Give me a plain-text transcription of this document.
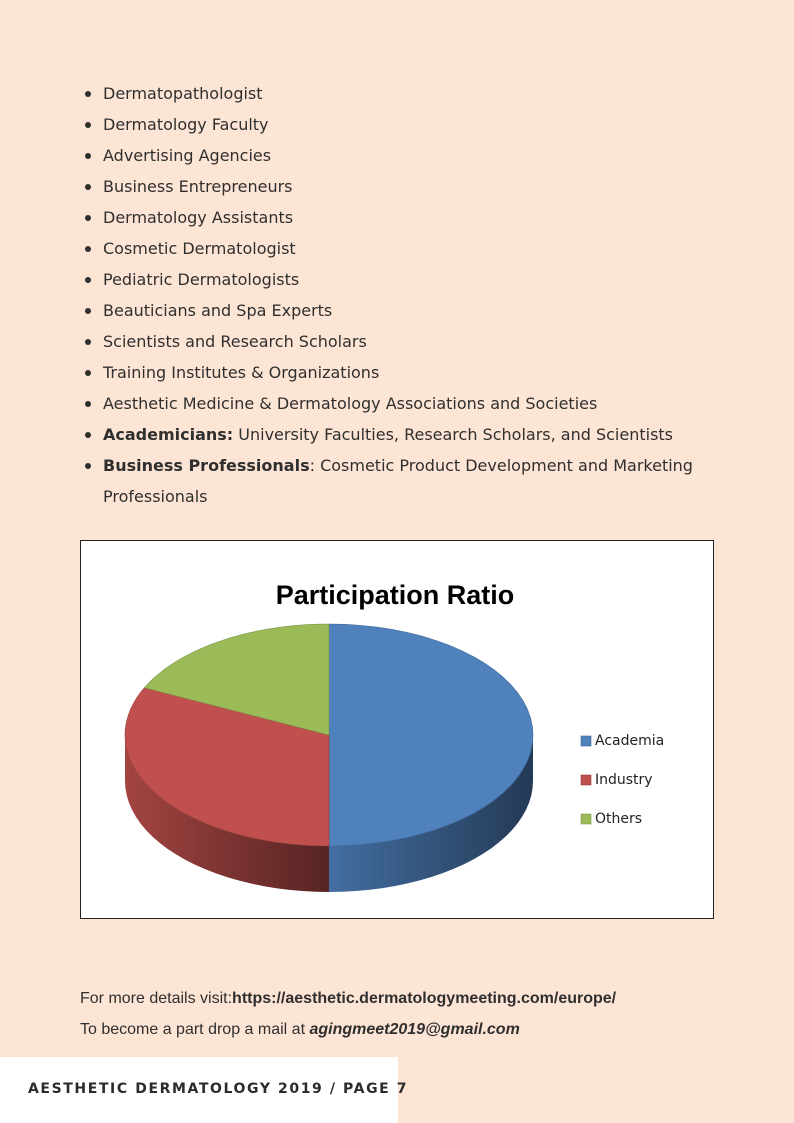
Dermatopathologist
Dermatology Faculty
Advertising Agencies
Business Entrepreneurs
Dermatology Assistants
Cosmetic Dermatologist
Pediatric Dermatologists
Beauticians and Spa Experts
Scientists and Research Scholars
Training Institutes & Organizations
Aesthetic Medicine & Dermatology Associations and Societies
Academicians: University Faculties, Research Scholars, and Scientists
Business Professionals: Cosmetic Product Development and Marketing Professionals
Participation Ratio
Academia
Industry
Others
For more details visit:https://aesthetic.dermatologymeeting.com/europe/
To become a part drop a mail at agingmeet2019@gmail.com
AESTHETIC DERMATOLOGY 2019 / PAGE 7
